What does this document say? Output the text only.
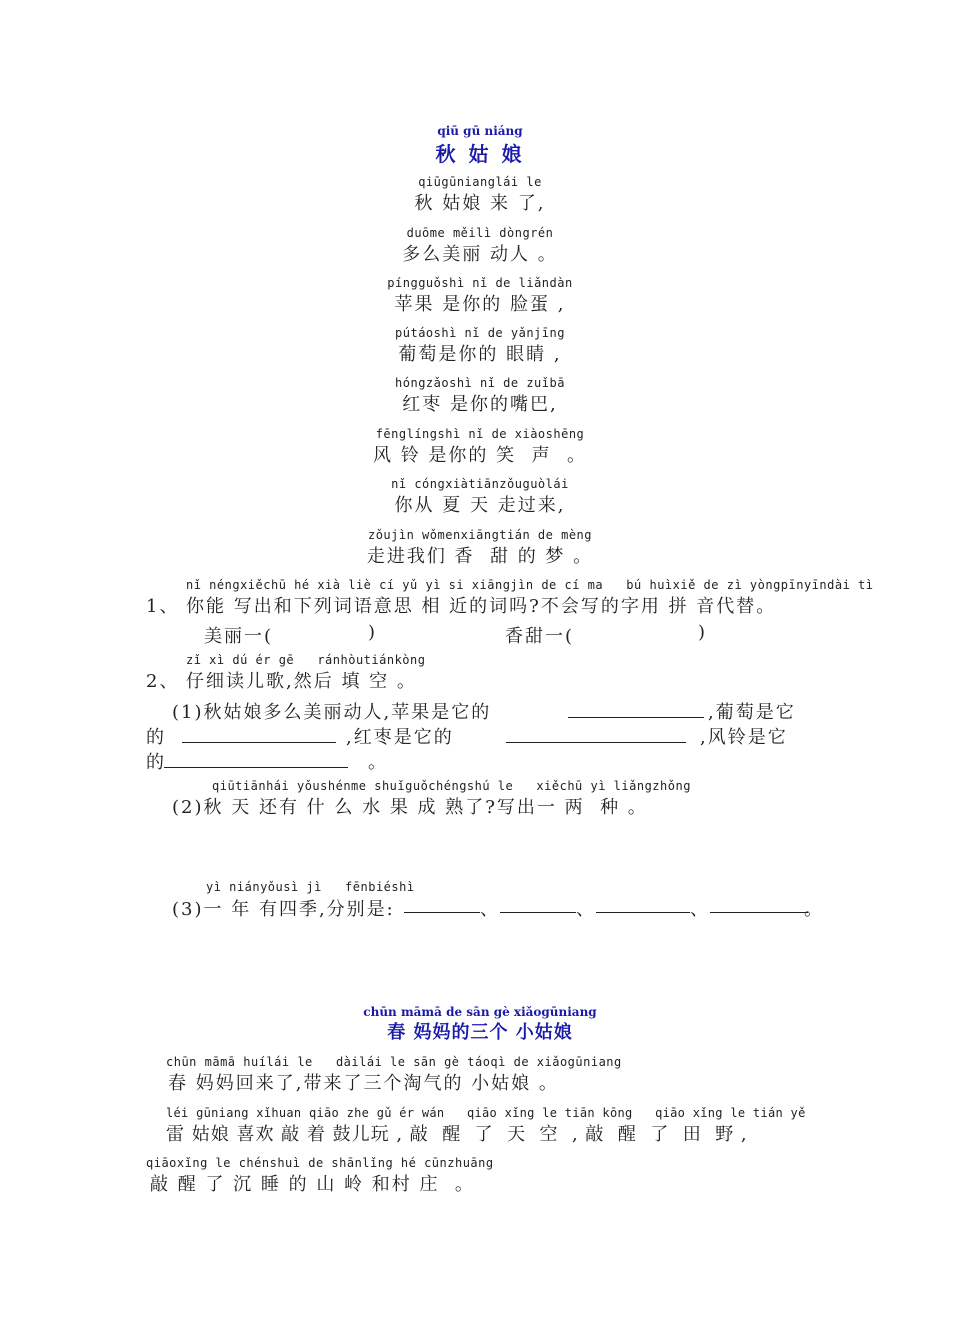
qiū gū niáng
秋 姑 娘
qiūgūnianglái le
秋 姑娘 来 了,
duōme měilì dòngrén
多么美丽 动人 。
píngguǒshì nǐ de liǎndàn
苹果 是你的 脸蛋 ,
pútáoshì nǐ de yǎnjīng
葡萄是你的 眼睛 ,
hóngzǎoshì nǐ de zuǐbā
红枣 是你的嘴巴,
fēnglíngshì nǐ de xiàoshēng
风 铃 是你的 笑  声  。
nǐ cóngxiàtiānzǒuguòlái
你从 夏 天 走过来,
zǒujìn wǒmenxiāngtián de mèng
走进我们 香  甜 的 梦 。
nǐ néngxiěchū hé xià liè cí yǔ yì si xiāngjìn de cí ma   bú huìxiě de zì yòngpīnyīndài tì
1、 你能 写出和下列词语意思 相 近的词吗?不会写的字用 拼 音代替。
美丽一(	)	香甜一(	)
zǐ xì dú ér gē   ránhòutiánkòng
2、 仔细读儿歌,然后 填 空 。
(1)秋姑娘多么美丽动人,苹果是它的	,葡萄是它
的	,红枣是它的	,风铃是它
的	。
qiūtiānhái yǒushénme shuǐguǒchéngshú le   xiěchū yì liǎngzhǒng
(2)秋 天 还有 什 么 水 果 成 熟了?写出一 两  种 。
yì niányǒusì jì   fēnbiéshì
(3)一 年 有四季,分别是:	、	、	、	。
chūn māmā de sān gè xiǎogūniang
春 妈妈的三个 小姑娘
chūn māmā huílái le   dàilái le sān gè táoqì de xiǎogūniang
春 妈妈回来了,带来了三个淘气的 小姑娘 。
léi gūniang xǐhuan qiāo zhe gǔ ér wán   qiāo xǐng le tiān kōng   qiāo xǐng le tián yě
雷 姑娘 喜欢 敲 着 鼓儿玩 , 敲  醒  了  天  空  , 敲  醒  了  田  野 ,
qiāoxǐng le chénshuì de shānlǐng hé cūnzhuāng
敲 醒 了 沉 睡 的 山 岭 和村 庄  。
